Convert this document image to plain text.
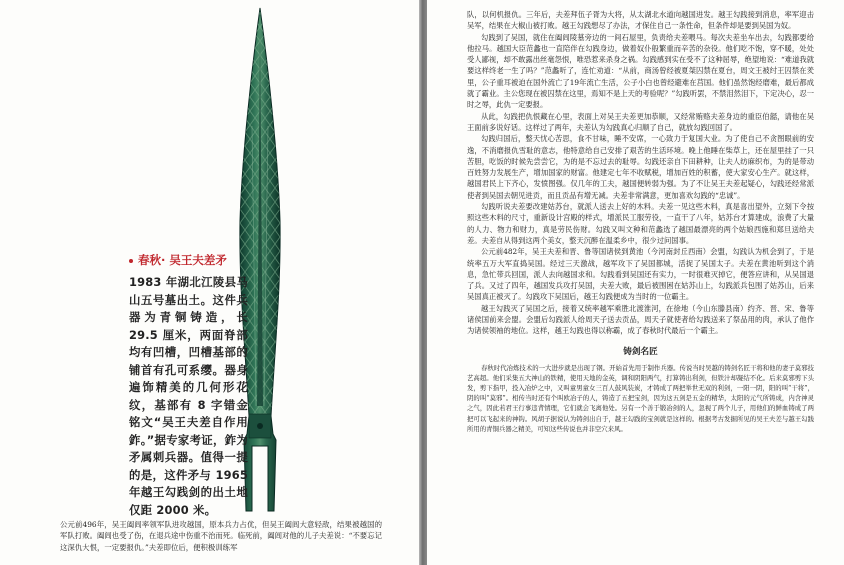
春秋· 吴王夫差矛
1983 年湖北江陵县马山五号墓出土。这件兵器为青铜铸造，长 29.5 厘米，两面脊部均有凹槽，凹槽基部的铺首有孔可系缨。器身遍饰精美的几何形花纹，基部有 8 字错金铭文“吴王夫差自作用鈼。”据专家考证，鈼为矛属刺兵器。值得一提的是，这件矛与 1965 年越王勾践剑的出土地仅距 2000 米。

公元前496年，吴王阖闾率领军队进攻越国，原本兵力占优，但吴王阖闾大意轻敌，结果被越国的军队打败。阖闾也受了伤，在退兵途中伤重不治而死。临死前，阖闾对他的儿子夫差说：“不要忘记这深仇大恨，一定要报仇。”夫差即位后，便积极训练军

队，以何机报仇。三年后，夫差拜伍子胥为大将，从太湖北水道向越国进发。越王勾践接到消息，率军迎击吴军，结果在大椒山被打败。越王勾践想尽了办法，才保住自己一条性命，但条件却是要到吴国为奴。

勾践到了吴国，就住在阖闾陵墓旁边的一间石屋里，负责给夫差喂马。每次夫差坐车出去，勾践都要给他拉马。越国大臣范蠡也一直陪伴在勾践身边，做着奴仆般繁重而辛苦的杂役。他们吃不饱，穿不暖，处处受人鄙视，却不敢露出丝毫怨恨，唯恐惹来杀身之祸。勾践感到实在受不了这种屈辱，绝望地说：“难道我就要这样终老一生了吗？”范蠡听了，连忙劝道：“从前，商汤曾经被夏桀囚禁在夏台，周文王被纣王囚禁在羑里，公子重耳被迫在国外流亡了19年流亡生活，公子小白也曾经避难在莒国。他们虽然饱经磨难，最后都成就了霸业。主公您现在被囚禁在这里，焉知不是上天的考验呢？”勾践听罢，不禁泪然泪下，下定决心，忍一时之辱，此仇一定要报。

从此，勾践把仇恨藏在心里，表面上对吴王夫差更加恭顺，又经常贿赂夫差身边的重臣伯嚭，请他在吴王面前多说好话。这样过了两年，夫差认为勾践真心归顺了自己，就放勾践回国了。

勾践归国后，整天忧心苦思，食不甘味，睡不安席，一心致力于复国大业。为了使自己不贪图眼前的安逸，不消磨报仇雪耻的意志，他特意给自己安排了艰苦的生活环境。晚上他睡在柴草上，还在屋里挂了一只苦胆，吃饭的时候先尝尝它，为的是不忘过去的耻辱。勾践还亲自下田耕种，让夫人纺麻织布，为的是带动百姓努力发展生产，增加国家的财富。他建定七年不收赋税，增加百姓的积蓄，使大家安心生产。就这样，越国君民上下齐心，发愤图强。仅几年的工夫，越国便转弱为强。为了不让吴王夫差起疑心，勾践还经常派使者到吴国去朝见进贡，而且贡品有增无减。夫差非常满意，更加喜欢勾践的“忠诚”。

勾践听说夫差要改建姑苏台，就派人送去上好的木料。夫差一见这些木料，真是喜出望外，立刻下令按照这些木料的尺寸，重新设计宫殿的样式，增派民工服劳役，一直干了八年，姑苏台才算建成，浪费了大量的人力、物力和财力，真是劳民伤财。勾践又叫文种和范蠡选了越国最漂亮的两个姑娘西施和郑旦送给夫差。夫差自从得到这两个美女，整天沉醉在温柔乡中，很少过问国事。

公元前482年，吴王夫差和晋、鲁等国诸侯到黄池（今河南封丘西南）会盟，勾践认为机会到了，于是统率五万大军直捣吴国。经过三天激战，越军攻下了吴国都城，活捉了吴国太子。夫差在黄池听到这个消息，急忙带兵回国，派人去向越国求和。勾践看到吴国还有实力，一时很难灭掉它，便答应讲和，从吴国退了兵。又过了四年，越国发兵攻打吴国，夫差大败，最后被围困在姑苏山上，勾践派兵包围了姑苏山，后来吴国真正被灭了。勾践攻下吴国后，越王勾践便成为当时的一位霸主。

越王勾践灭了吴国之后，接着又统率越军乘胜北渡淮河，在徐地（今山东滕县南）约齐、晋、宋、鲁等诸侯国前来会盟。会盟后勾践派人给周天子送去贡品，周天子就使者给勾践送来了祭品用的肉，承认了他作为诸侯领袖的地位。这样，越王勾践也得以称霸，成了春秋时代最后一个霸主。

铸剑名匠

春秋时代冶炼技术的一大进步就是出现了钢。开始首先用于制作兵器。传说当时吴越的铸剑名匠干将和他的妻子莫邪技艺高超。他们采集五大神山的铁精，使用天地的金英，调和阴阳两气，打算铸出利剑，但铁汁却凝结不化。后来莫邪剪下头发，剪下指甲，投入冶炉之中，又叫童男童女三百人鼓风装炭，才铸成了两把举世无双的利剑，一阳一阴，阳的叫“干将”，阴的叫“莫邪”。相传当时还有个叫欧冶子的人，铸造了五把宝剑，因为这五剑是五金的精华，太阳的元气所铸成，内含神灵之气，因此若君王行事违背情理，它们就会飞离他处。另有一个善于锻冶剑的人，忽视了两个儿子，用他们的鲜血铸成了两把可以飞起来的神钩。风胡子据说认为铸剑出自于，越王勾践的宝剑就是这样的。根据考古发掘所见的吴王夫差与越王勾践所用的青铜兵器之精美，可知这些传说也并非空穴来风。
